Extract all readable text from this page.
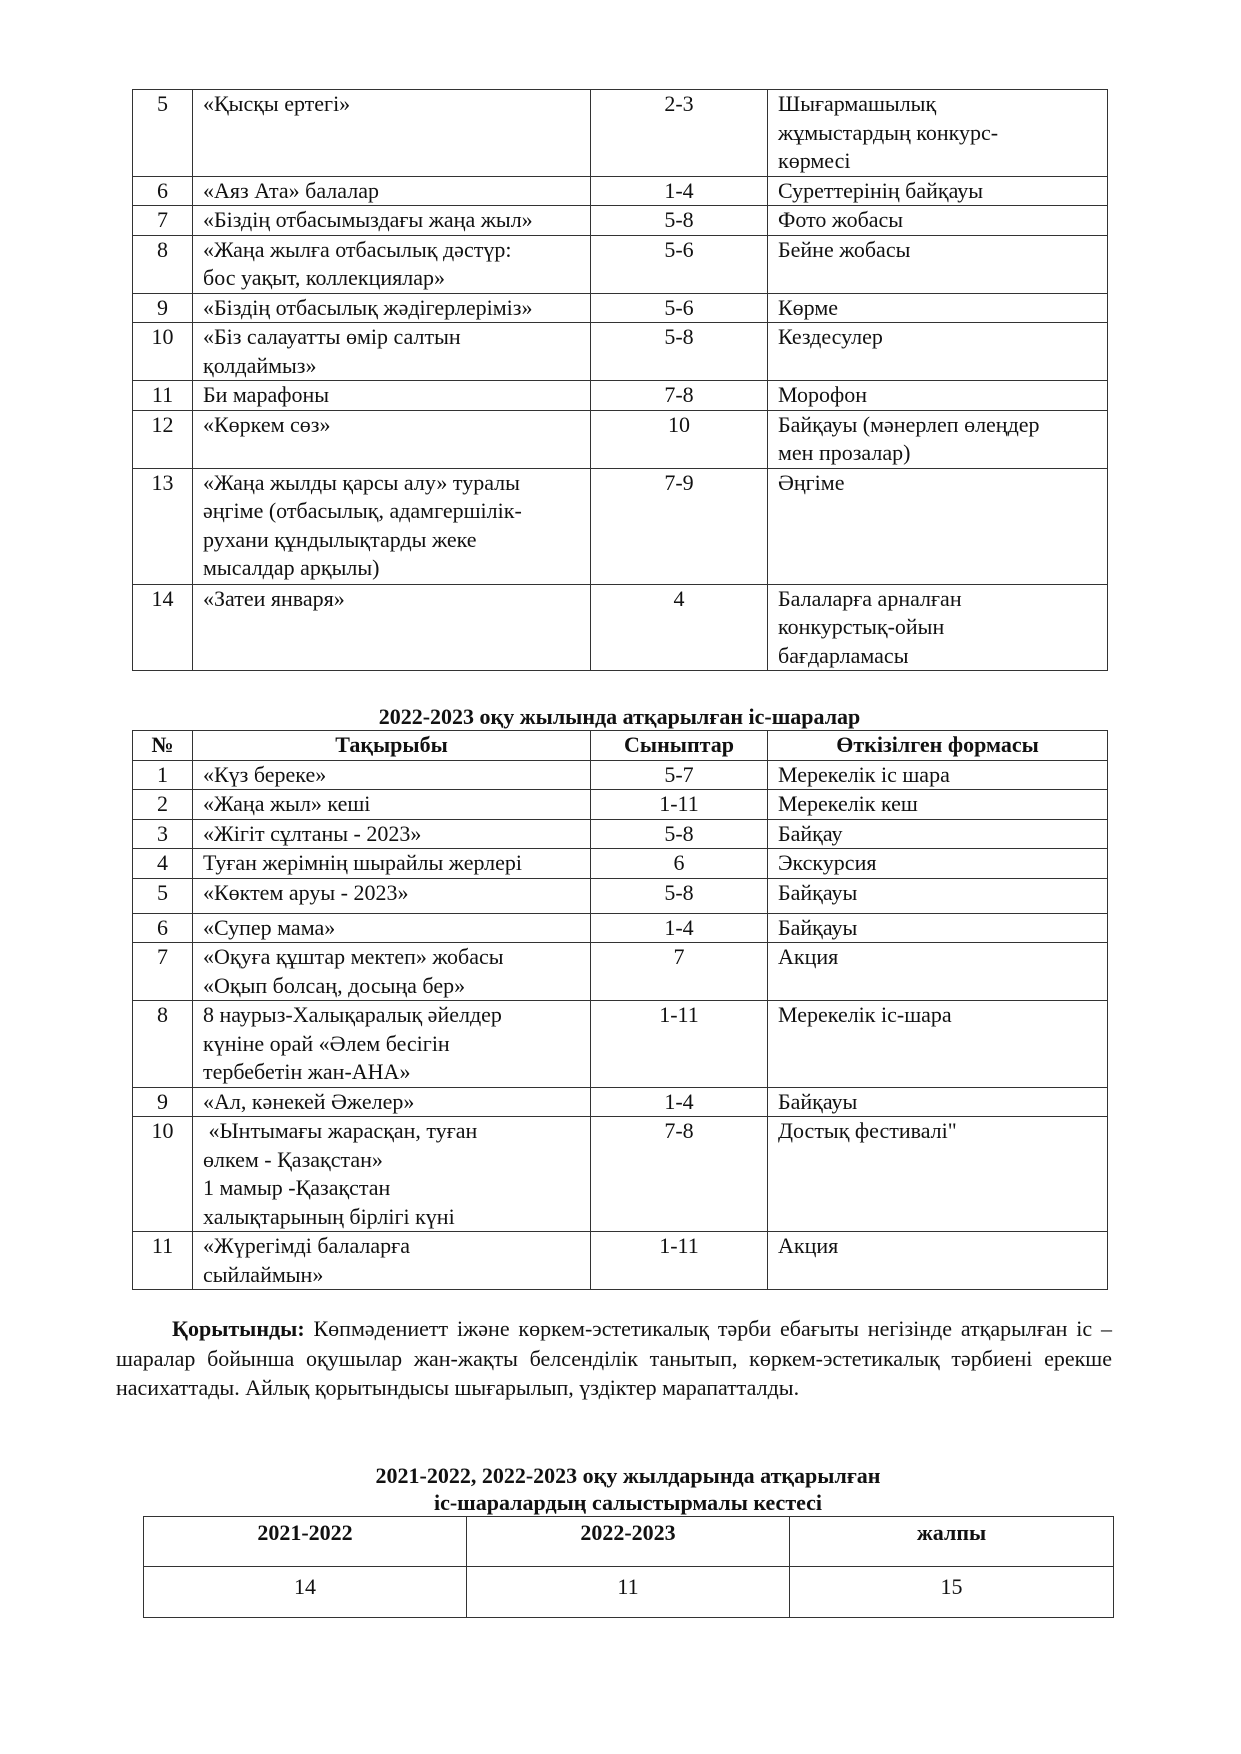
5	«Қысқы ертегі»	2-3	Шығармашылық
жұмыстардың конкурс-
көрмесі

6	«Аяз Ата» балалар	1-4	Суреттерінің байқауы

7	«Біздің отбасымыздағы жаңа жыл»	5-8	Фото жобасы

8	«Жаңа жылға отбасылық дәстүр:
бос уақыт, коллекциялар»	5-6	Бейне жобасы

9	«Біздің отбасылық жәдігерлеріміз»	5-6	Көрме

10	«Біз салауатты өмір салтын
қолдаймыз»	5-8	Кездесулер

11	Би марафоны	7-8	Морофон

12	«Көркем сөз»	10	Байқауы (мәнерлеп өлеңдер
мен прозалар)

13	«Жаңа жылды қарсы алу» туралы
әңгіме (отбасылық, адамгершілік-
рухани құндылықтарды жеке
мысалдар арқылы)	7-9	Әңгіме

14	«Затеи января»	4	Балаларға арналған
конкурстық-ойын
бағдарламасы
2022-2023 оқу жылында атқарылған іс-шаралар
№	Тақырыбы	Сыныптар	Өткізілген формасы
1	«Күз береке»	5-7	Мерекелік іс шара

2	«Жаңа жыл» кеші	1-11	Мерекелік кеш

3	«Жігіт сұлтаны - 2023»	5-8	Байқау

4	Туған жерімнің шырайлы жерлері	6	Экскурсия

5	«Көктем аруы - 2023»	5-8	Байқауы

6	«Супер мама»	1-4	Байқауы

7	«Оқуға құштар мектеп» жобасы
«Оқып болсаң, досыңа бер»	7	Акция

8	8 наурыз-Халықаралық әйелдер
күніне орай «Әлем бесігін
тербебетін жан-АНА»	1-11	Мерекелік іс-шара

9	«Ал, кәнекей Әжелер»	1-4	Байқауы

10	«Ынтымағы жарасқан, туған
өлкем - Қазақстан»
1 мамыр -Қазақстан
халықтарының бірлігі күні	7-8	Достық фестивалі"

11	«Жүрегімді балаларға
сыйлаймын»	1-11	Акция
Қорытынды: Көпмәдениетт іжәне көркем-эстетикалық тәрби ебағыты негізінде атқарылған іс –шаралар бойынша оқушылар жан-жақты белсенділік танытып, көркем-эстетикалық тәрбиені ерекше насихаттады. Айлық қорытындысы шығарылып, үздіктер марапатталды.
2021-2022, 2022-2023 оқу жылдарында атқарылған
іс-шаралардың салыстырмалы кестесі
2021-2022	2022-2023	жалпы
14	11	15
